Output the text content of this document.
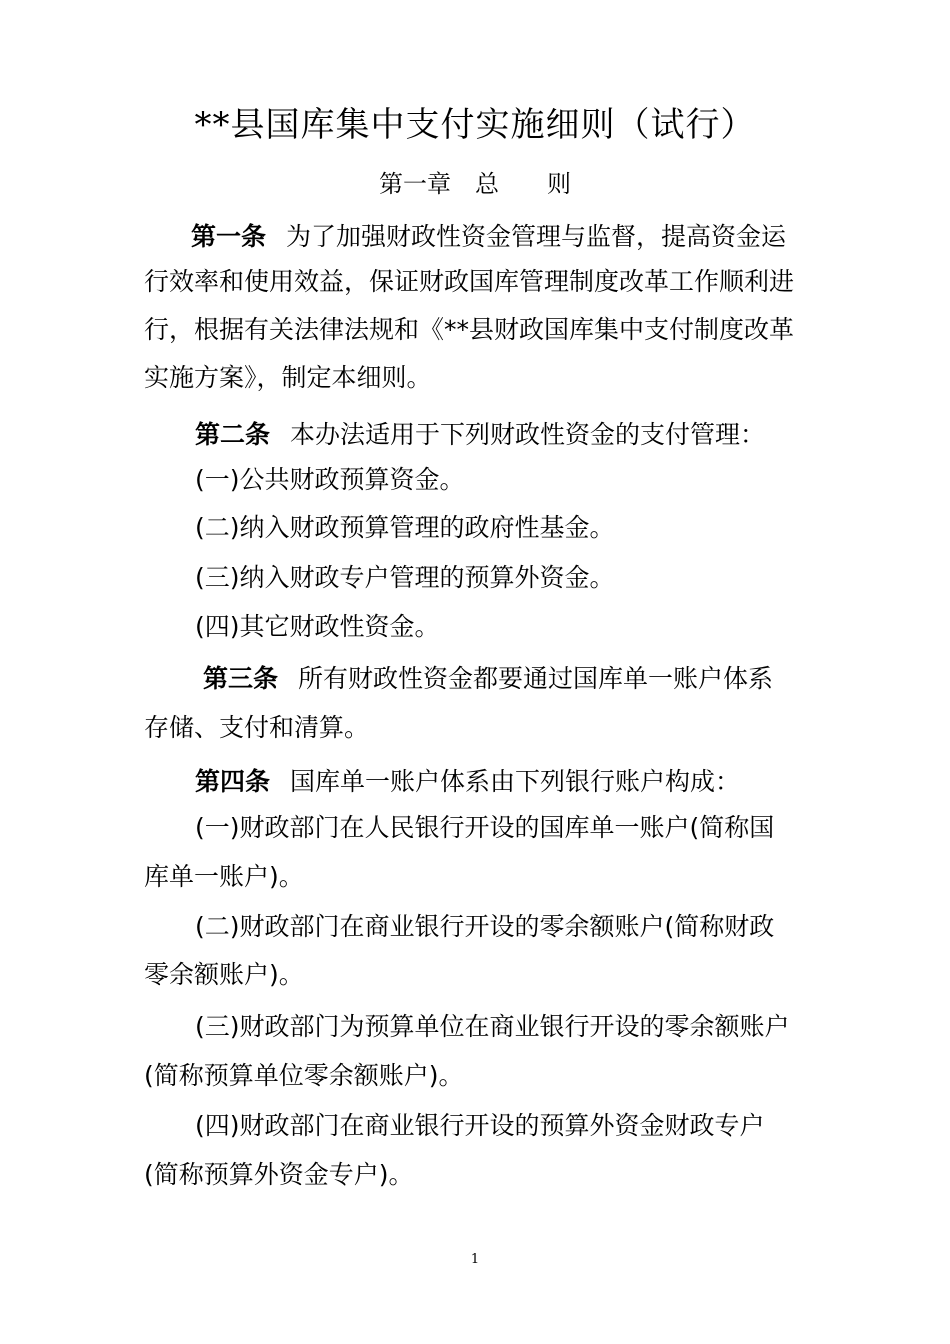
**县国库集中支付实施细则（试行）
第一章　总　　则
第一条 为了加强财政性资金管理与监督，提高资金运
行效率和使用效益，保证财政国库管理制度改革工作顺利进
行，根据有关法律法规和《**县财政国库集中支付制度改革
实施方案》，制定本细则。
第二条 本办法适用于下列财政性资金的支付管理：
(一)公共财政预算资金。
(二)纳入财政预算管理的政府性基金。
(三)纳入财政专户管理的预算外资金。
(四)其它财政性资金。
第三条 所有财政性资金都要通过国库单一账户体系
存储、支付和清算。
第四条 国库单一账户体系由下列银行账户构成：
(一)财政部门在人民银行开设的国库单一账户(简称国
库单一账户)。
(二)财政部门在商业银行开设的零余额账户(简称财政
零余额账户)。
(三)财政部门为预算单位在商业银行开设的零余额账户
(简称预算单位零余额账户)。
(四)财政部门在商业银行开设的预算外资金财政专户
(简称预算外资金专户)。
1
